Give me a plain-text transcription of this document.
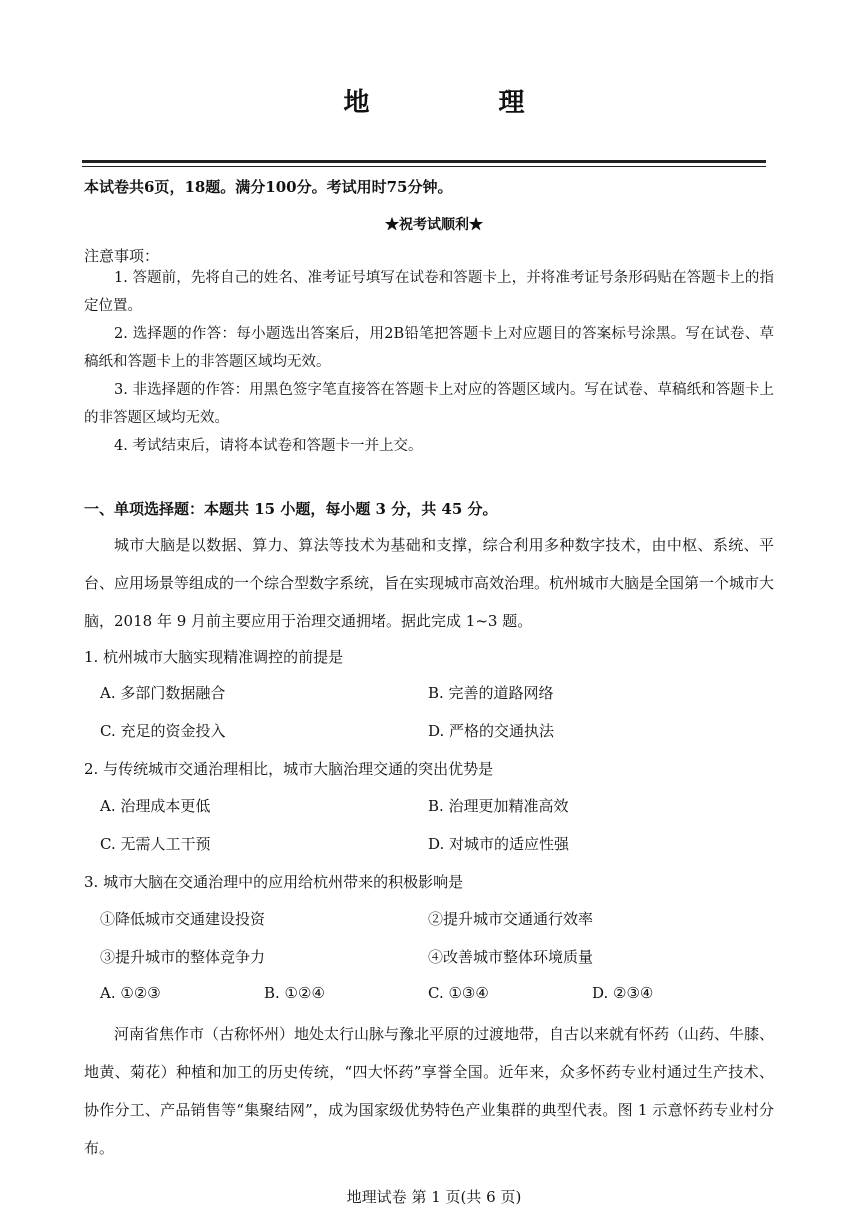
地 理
本试卷共6页，18题。满分100分。考试用时75分钟。
★祝考试顺利★
注意事项：
1. 答题前，先将自己的姓名、准考证号填写在试卷和答题卡上，并将准考证号条形码贴在答题卡上的指定位置。
2. 选择题的作答：每小题选出答案后，用2B铅笔把答题卡上对应题目的答案标号涂黑。写在试卷、草稿纸和答题卡上的非答题区域均无效。
3. 非选择题的作答：用黑色签字笔直接答在答题卡上对应的答题区域内。写在试卷、草稿纸和答题卡上的非答题区域均无效。
4. 考试结束后，请将本试卷和答题卡一并上交。
一、单项选择题：本题共 15 小题，每小题 3 分，共 45 分。
城市大脑是以数据、算力、算法等技术为基础和支撑，综合利用多种数字技术，由中枢、系统、平台、应用场景等组成的一个综合型数字系统，旨在实现城市高效治理。杭州城市大脑是全国第一个城市大脑，2018 年 9 月前主要应用于治理交通拥堵。据此完成 1~3 题。
1. 杭州城市大脑实现精准调控的前提是
A. 多部门数据融合	B. 完善的道路网络
C. 充足的资金投入	D. 严格的交通执法
2. 与传统城市交通治理相比，城市大脑治理交通的突出优势是
A. 治理成本更低	B. 治理更加精准高效
C. 无需人工干预	D. 对城市的适应性强
3. 城市大脑在交通治理中的应用给杭州带来的积极影响是
①降低城市交通建设投资	②提升城市交通通行效率
③提升城市的整体竞争力	④改善城市整体环境质量
A. ①②③	B. ①②④	C. ①③④	D. ②③④
河南省焦作市（古称怀州）地处太行山脉与豫北平原的过渡地带，自古以来就有怀药（山药、牛膝、地黄、菊花）种植和加工的历史传统，“四大怀药”享誉全国。近年来，众多怀药专业村通过生产技术、协作分工、产品销售等“集聚结网”，成为国家级优势特色产业集群的典型代表。图 1 示意怀药专业村分布。
地理试卷 第 1 页(共 6 页)
